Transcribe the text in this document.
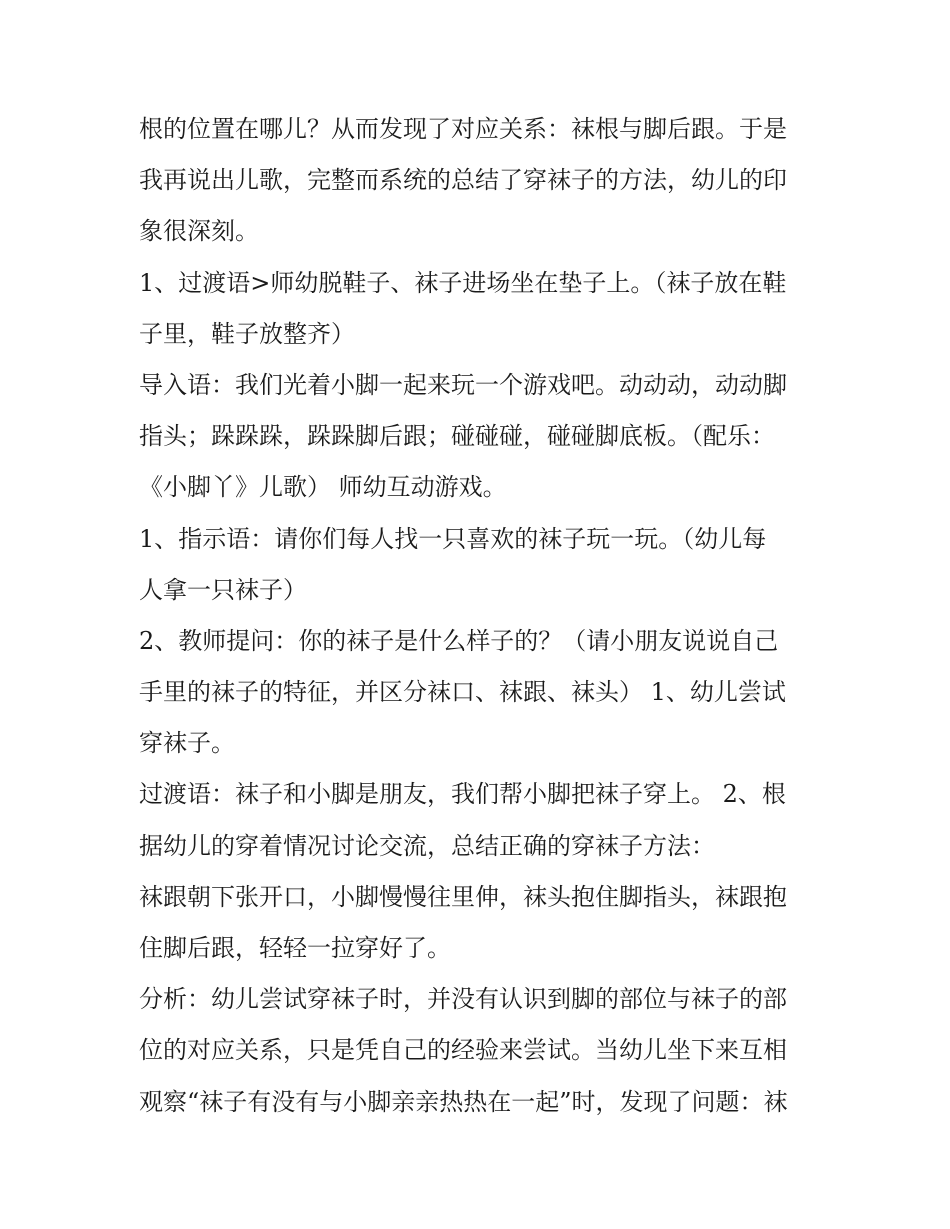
根的位置在哪儿？从而发现了对应关系：袜根与脚后跟。于是
我再说出儿歌，完整而系统的总结了穿袜子的方法，幼儿的印
象很深刻。
1、过渡语>师幼脱鞋子、袜子进场坐在垫子上。（袜子放在鞋
子里，鞋子放整齐）
导入语：我们光着小脚一起来玩一个游戏吧。动动动，动动脚
指头；跺跺跺，跺跺脚后跟；碰碰碰，碰碰脚底板。（配乐：
《小脚丫》儿歌） 师幼互动游戏。
1、指示语：请你们每人找一只喜欢的袜子玩一玩。（幼儿每
人拿一只袜子）
2、教师提问：你的袜子是什么样子的？（请小朋友说说自己
手里的袜子的特征，并区分袜口、袜跟、袜头） 1、幼儿尝试
穿袜子。
过渡语：袜子和小脚是朋友，我们帮小脚把袜子穿上。 2、根
据幼儿的穿着情况讨论交流，总结正确的穿袜子方法：
袜跟朝下张开口，小脚慢慢往里伸，袜头抱住脚指头，袜跟抱
住脚后跟，轻轻一拉穿好了。
分析：幼儿尝试穿袜子时，并没有认识到脚的部位与袜子的部
位的对应关系，只是凭自己的经验来尝试。当幼儿坐下来互相
观察“袜子有没有与小脚亲亲热热在一起”时，发现了问题：袜
